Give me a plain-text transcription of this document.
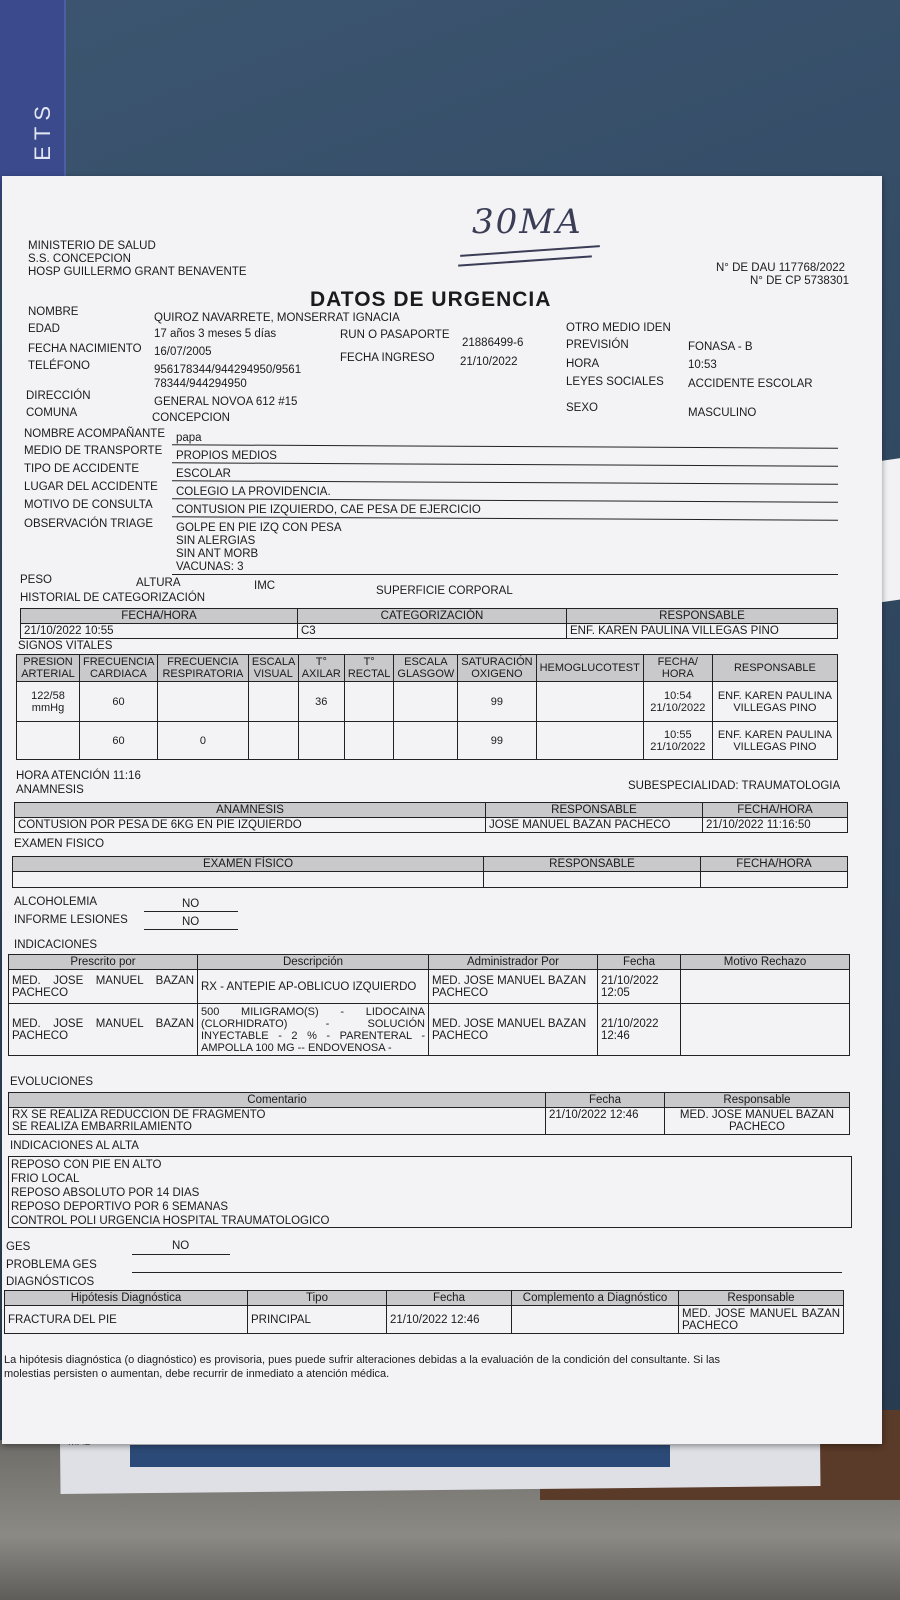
ETS
30MA
MINISTERIO DE SALUD
S.S. CONCEPCION
HOSP GUILLERMO GRANT BENAVENTE	N° DE DAU 117768/2022
N° DE CP 5738301
DATOS DE URGENCIA
NOMBRE	QUIROZ NAVARRETE, MONSERRAT IGNACIA
EDAD	17 años 3 meses 5 días
FECHA NACIMIENTO 16/07/2005
TELÉFONO	956178344/944294950/9561
78344/944294950
DIRECCIÓN	GENERAL NOVOA 612 #15
COMUNA	CONCEPCION
RUN O PASAPORTE
21886499-6
FECHA INGRESO 21/10/2022
OTRO MEDIO IDEN
PREVISIÓN	FONASA - B
HORA	10:53
LEYES SOCIALES ACCIDENTE ESCOLAR
SEXO	MASCULINO
NOMBRE ACOMPAÑANTE papa
MEDIO DE TRANSPORTE PROPIOS MEDIOS
TIPO DE ACCIDENTE	ESCOLAR
LUGAR DEL ACCIDENTE COLEGIO LA PROVIDENCIA.
MOTIVO DE CONSULTA CONTUSION PIE IZQUIERDO, CAE PESA DE EJERCICIO
OBSERVACIÓN TRIAGE GOLPE EN PIE IZQ CON PESA
SIN ALERGIAS
SIN ANT MORB
VACUNAS: 3
PESO	ALTURA	IMC	SUPERFICIE CORPORAL
HISTORIAL DE CATEGORIZACIÓN
FECHA/HORA	CATEGORIZACIÓN	RESPONSABLE
21/10/2022 10:55	C3	ENF. KAREN PAULINA VILLEGAS PINO
SIGNOS VITALES
PRESION ARTERIAL	FRECUENCIA CARDIACA	FRECUENCIA RESPIRATORIA	ESCALA VISUAL	T° AXILAR	T° RECTAL	ESCALA GLASGOW	SATURACIÓN OXIGENO	HEMOGLUCOTEST	FECHA/ HORA	RESPONSABLE
122/58 mmHg	60			36			99		10:54 21/10/2022	ENF. KAREN PAULINA VILLEGAS PINO
	60	0					99		10:55 21/10/2022	ENF. KAREN PAULINA VILLEGAS PINO
HORA ATENCIÓN 11:16
ANAMNESIS	SUBESPECIALIDAD: TRAUMATOLOGIA
ANAMNESIS	RESPONSABLE	FECHA/HORA
CONTUSION POR PESA DE 6KG EN PIE IZQUIERDO	JOSE MANUEL BAZAN PACHECO	21/10/2022 11:16:50
EXAMEN FISICO
EXAMEN FÍSICO	RESPONSABLE	FECHA/HORA

ALCOHOLEMIA	NO
INFORME LESIONES	NO
INDICACIONES
Prescrito por	Descripción	Administrador Por	Fecha	Motivo Rechazo
MED. JOSE MANUEL BAZAN PACHECO	RX - ANTEPIE AP-OBLICUO IZQUIERDO	MED. JOSE MANUEL BAZAN PACHECO	21/10/2022 12:05	
MED. JOSE MANUEL BAZAN PACHECO	500 MILIGRAMO(S) - LIDOCAINA (CLORHIDRATO) - SOLUCIÓN INYECTABLE - 2 % - PARENTERAL - AMPOLLA 100 MG -- ENDOVENOSA -	MED. JOSE MANUEL BAZAN PACHECO	21/10/2022 12:46	
EVOLUCIONES
Comentario	Fecha	Responsable

RX SE REALIZA REDUCCION DE FRAGMENTO
SE REALIZA EMBARRILAMIENTO	21/10/2022 12:46	MED. JOSE MANUEL BAZAN PACHECO
INDICACIONES AL ALTA
REPOSO CON PIE EN ALTO
FRIO LOCAL
REPOSO ABSOLUTO POR 14 DIAS
REPOSO DEPORTIVO POR 6 SEMANAS
CONTROL POLI URGENCIA HOSPITAL TRAUMATOLOGICO
GES	NO
PROBLEMA GES
DIAGNÓSTICOS
Hipótesis Diagnóstica	Tipo	Fecha	Complemento a Diagnóstico	Responsable
FRACTURA DEL PIE	PRINCIPAL	21/10/2022 12:46		MED. JOSE MANUEL BAZAN PACHECO
La hipótesis diagnóstica (o diagnóstico) es provisoria, pues puede sufrir alteraciones debidas a la evaluación de la condición del consultante. Si las
molestias persisten o aumentan, debe recurrir de inmediato a atención médica.
